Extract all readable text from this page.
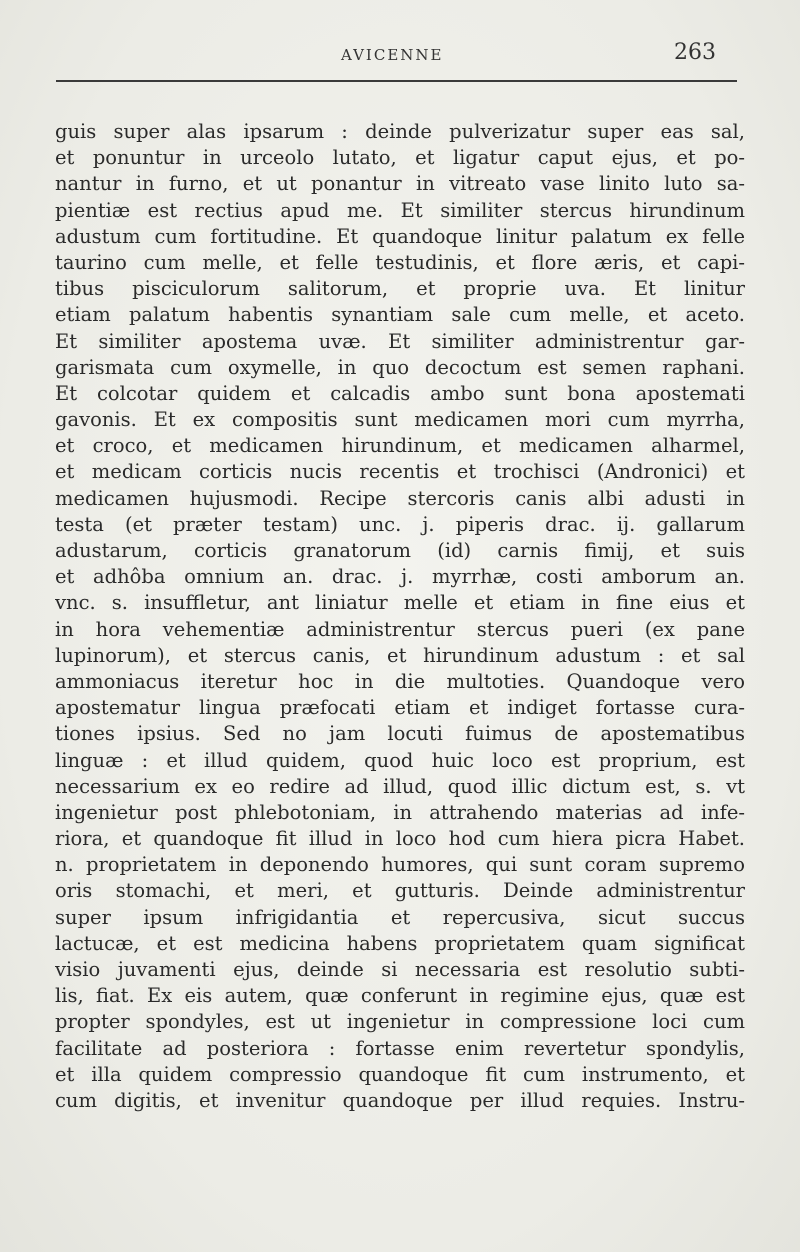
AVICENNE	263
guis super alas ipsarum : deinde pulverizatur super eas sal,
et ponuntur in urceolo lutato, et ligatur caput ejus, et po-
nantur in furno, et ut ponantur in vitreato vase linito luto sa-
pientiæ est rectius apud me. Et similiter stercus hirundinum
adustum cum fortitudine. Et quandoque linitur palatum ex felle
taurino cum melle, et felle testudinis, et flore æris, et capi-
tibus pisciculorum salitorum, et proprie uva. Et linitur
etiam palatum habentis synantiam sale cum melle, et aceto.
Et similiter apostema uvæ. Et similiter administrentur gar-
garismata cum oxymelle, in quo decoctum est semen raphani.
Et colcotar quidem et calcadis ambo sunt bona apostemati
gavonis. Et ex compositis sunt medicamen mori cum myrrha,
et croco, et medicamen hirundinum, et medicamen alharmel,
et medicam corticis nucis recentis et trochisci (Andronici) et
medicamen hujusmodi. Recipe stercoris canis albi adusti in
testa (et præter testam) unc. j. piperis drac. ij. gallarum
adustarum, corticis granatorum (id) carnis fimij, et suis
et adhôba omnium an. drac. j. myrrhæ, costi amborum an.
vnc. s. insuffletur, ant liniatur melle et etiam in fine eius et
in hora vehementiæ administrentur stercus pueri (ex pane
lupinorum), et stercus canis, et hirundinum adustum : et sal
ammoniacus iteretur hoc in die multoties. Quandoque vero
apostematur lingua præfocati etiam et indiget fortasse cura-
tiones ipsius. Sed no jam locuti fuimus de apostematibus
linguæ : et illud quidem, quod huic loco est proprium, est
necessarium ex eo redire ad illud, quod illic dictum est, s. vt
ingenietur post phlebotoniam, in attrahendo materias ad infe-
riora, et quandoque fit illud in loco hod cum hiera picra Habet.
n. proprietatem in deponendo humores, qui sunt coram supremo
oris stomachi, et meri, et gutturis. Deinde administrentur
super ipsum infrigidantia et repercusiva, sicut succus
lactucæ, et est medicina habens proprietatem quam significat
visio juvamenti ejus, deinde si necessaria est resolutio subti-
lis, fiat. Ex eis autem, quæ conferunt in regimine ejus, quæ est
propter spondyles, est ut ingenietur in compressione loci cum
facilitate ad posteriora : fortasse enim revertetur spondylis,
et illa quidem compressio quandoque fit cum instrumento, et
cum digitis, et invenitur quandoque per illud requies. Instru-
